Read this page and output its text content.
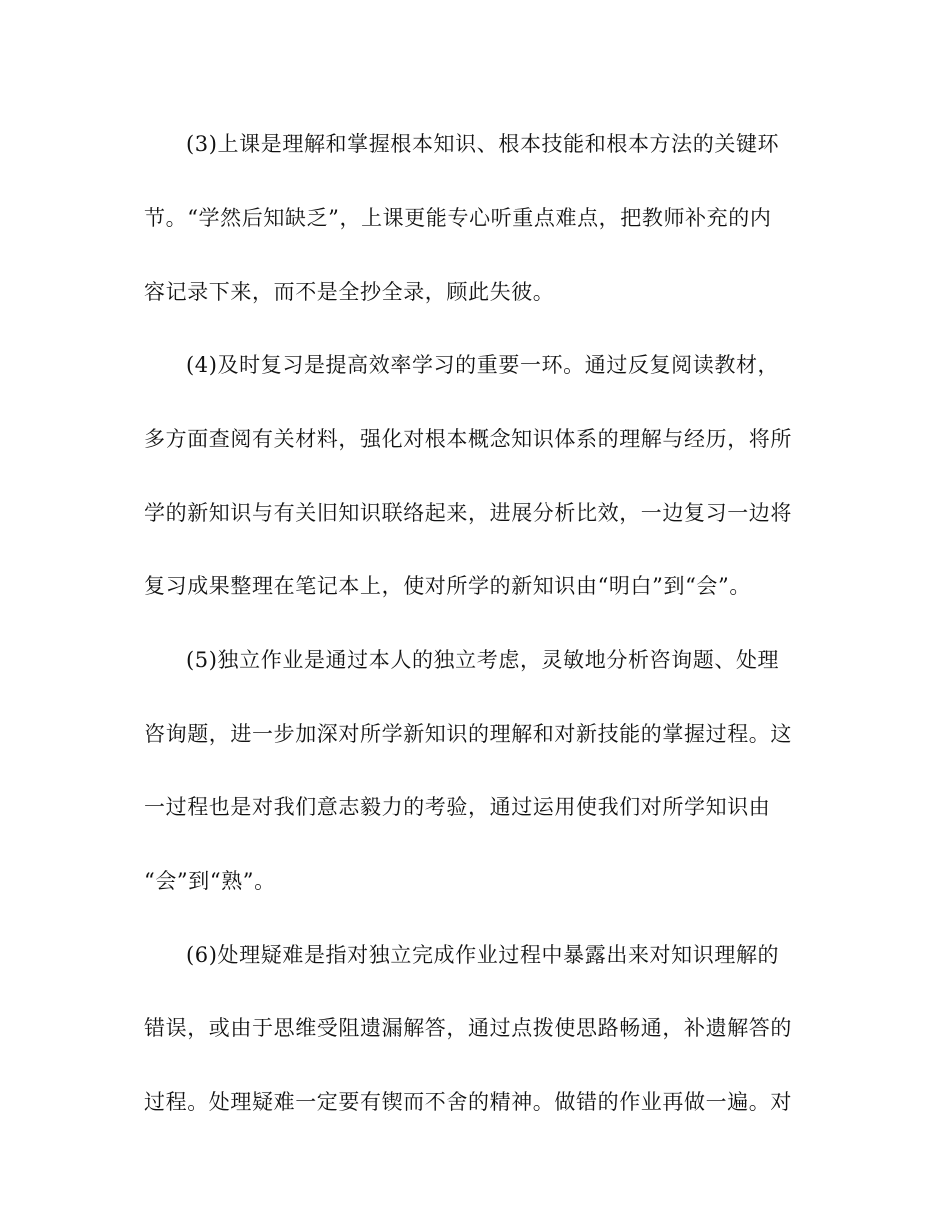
(3)上课是理解和掌握根本知识、根本技能和根本方法的关键环
节。“学然后知缺乏”，上课更能专心听重点难点，把教师补充的内
容记录下来，而不是全抄全录，顾此失彼。
(4)及时复习是提高效率学习的重要一环。通过反复阅读教材，
多方面查阅有关材料，强化对根本概念知识体系的理解与经历，将所
学的新知识与有关旧知识联络起来，进展分析比效，一边复习一边将
复习成果整理在笔记本上，使对所学的新知识由“明白”到“会”。
(5)独立作业是通过本人的独立考虑，灵敏地分析咨询题、处理
咨询题，进一步加深对所学新知识的理解和对新技能的掌握过程。这
一过程也是对我们意志毅力的考验，通过运用使我们对所学知识由
“会”到“熟”。
(6)处理疑难是指对独立完成作业过程中暴露出来对知识理解的
错误，或由于思维受阻遗漏解答，通过点拨使思路畅通，补遗解答的
过程。处理疑难一定要有锲而不舍的精神。做错的作业再做一遍。对
